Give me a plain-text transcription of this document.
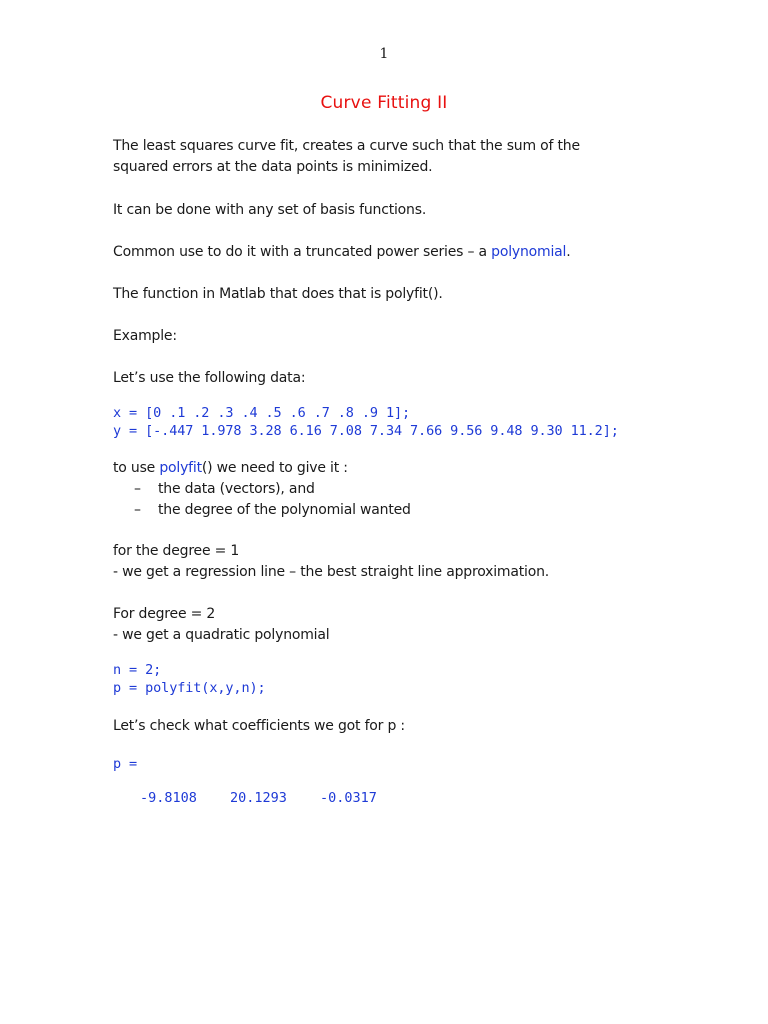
1
Curve Fitting II
The least squares curve fit, creates a curve such that the sum of the
squared errors at the data points is minimized.
It can be done with any set of basis functions.
Common use to do it with a truncated power series – a polynomial.
The function in Matlab that does that is polyfit().
Example:
Let’s use the following data:
x = [0 .1 .2 .3 .4 .5 .6 .7 .8 .9 1];
y = [-.447 1.978 3.28 6.16 7.08 7.34 7.66 9.56 9.48 9.30 11.2];
to use polyfit() we need to give it :
– the data (vectors), and
– the degree of the polynomial wanted
for the degree = 1
- we get a regression line – the best straight line approximation.
For degree = 2
- we get a quadratic polynomial
n = 2;
p = polyfit(x,y,n);
Let’s check what coefficients we got for p :
p =
-9.8108 20.1293 -0.0317
